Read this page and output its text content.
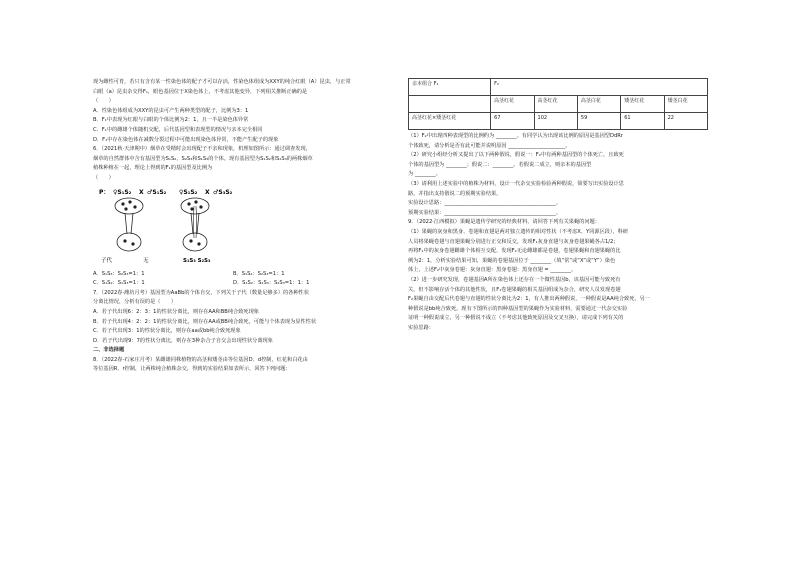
现为雌性可育，若只有含有某一性染色体的配子才可以存活，性染色体组成为XXY的纯合红眼（A）昆虫，与正常
白眼（a）昆虫杂交得F₁，眼色基因位于X染色体上，不考虑其他变异，下列相关推断正确的是
（　　）
A．性染色体组成为XXY的昆虫可产生两种类型的配子，比例为3：1
B．F₁中表现为红眼与白眼的个体比例为2：1，且一半是染色体异常
C．F₁中的雌雄个体随机交配，后代基因型和表现型的情况与亲本完全相同
D．F₁中存在染色体在减数分裂过程中可能出现染色体异常，不能产生配子的现象
6．（2021秋·天津期中）烟草在受精时会出现配子不亲和现象，机理如图所示：通过调查发现，
烟草的自然群体中含有基因型为S₁S₂、S₂S₃和S₁S₃的个体。现有基因型为S₁S₂和S₂S₃的两株烟草
植株种植在一起，理论上得到的F₁的基因型及比例为
（　　）
P： ♀S₁S₂ X ♂S₁S₂ ♀S₁S₂ X ♂S₃S₂
子代	无	S₁S₃ S₂S₃
A．S₁S₃：S₂S₃=1：1	B．S₁S₂：S₂S₃=1：1
C．S₁S₂：S₁S₃=1：1	D．S₁S₂：S₁S₃：S₂S₃=1：1：1
7．（2022春·潍坊月考）基因型为AaBb的个体自交，下列关于子代（数量足够多）的各种性状
分离比情况，分析有误的是（　　）
A．若子代出现6：2：3：1的性状分离比，则存在AA和BB纯合致死现象
B．若子代出现4：2：2：1的性状分离比，则存在AA或BB纯合致死，可能与个体表现为显性性状
C．若子代出现3：1的性状分离比，则存在aa或bb纯合致死现象
D．若子代出现9：7的性状分离比，则存在3种杂合子自交会出现性状分离现象
二、非选择题
8．（2022春·石家庄月考）某雌雄同株植物的高茎和矮茎由等位基因D、d控制，红花和白花由
等位基因R、r控制，让两株纯合植株杂交，得到的实验结果如表所示，回答下列问题：
亲本组合 F₁	F₂				
	高茎红花	高茎红花	高茎白花	矮茎红花	矮茎白花
高茎红花×矮茎红花	67	102	59	61	22
（1）F₂中出现四种表现型的比例约为 ________。有同学认为出现该比例的原因是基因型DdRr
个体致死，请分析是否有此可能并说明原因 ______________________。
（2）研究小组经分析又提出了以下两种假说，假说一：F₂中有两种基因型的个体死亡，且致死
个体的基因型为 ________；假说二：________。若假说二成立，则亲本的基因型
为 ________。
（3）请利用上述实验中的植株为材料，设计一代杂交实验检验两种假说，简要写出实验设计思
路，并指出支持假说二的预期实验结果。
实验设计思路：___________________________________________。
预期实验结果：___________________________________________。
9．（2022·江西模拟）果蝇是遗传学研究的经典材料，请回答下列有关果蝇的问题：
（1）果蝇的灰身和黑身、卷翅和直翅是两对独立遗传的相对性状（不考虑X、Y同源区段），科研
人员将果蝇卷翅与直翅果蝇分别进行正交和反交，发现F₁灰身直翅与灰身卷翅果蝇各占1/2；
再将F₁中的灰身卷翅雌雄个体相互交配，发现F₂无论雌雄都是卷翅，卷翅果蝇和直翅果蝇的比
例为2：1，分析实验结果可知，果蝇的卷翅基因位于 ________（填“常”或“X”或“Y”）染色
体上，上述F₂中灰身卷翅：灰身直翅：黑身卷翅：黑身直翅 = ________。
（2）进一步研究发现，卷翅基因A所在染色体上还存在一个微性基因b，该基因可能与致死有
关，但不影响存活个体的其他性状，且F₁卷翅果蝇的相关基因组成为杂合，研究人员发现卷翅
F₂果蝇自由交配后代卷翅与直翅的性状分离比为2：1，有人推出两种假说，一种假说是AA纯合致死，另一
种假说是bb纯合致死。现有下图所示的四种基因型的果蝇作为实验材料，需要通过一代杂交实验
证明一种假说成立，另一种假说不成立（不考虑其他致死原因及交叉互换），请完成下列有关的
实验思路：
